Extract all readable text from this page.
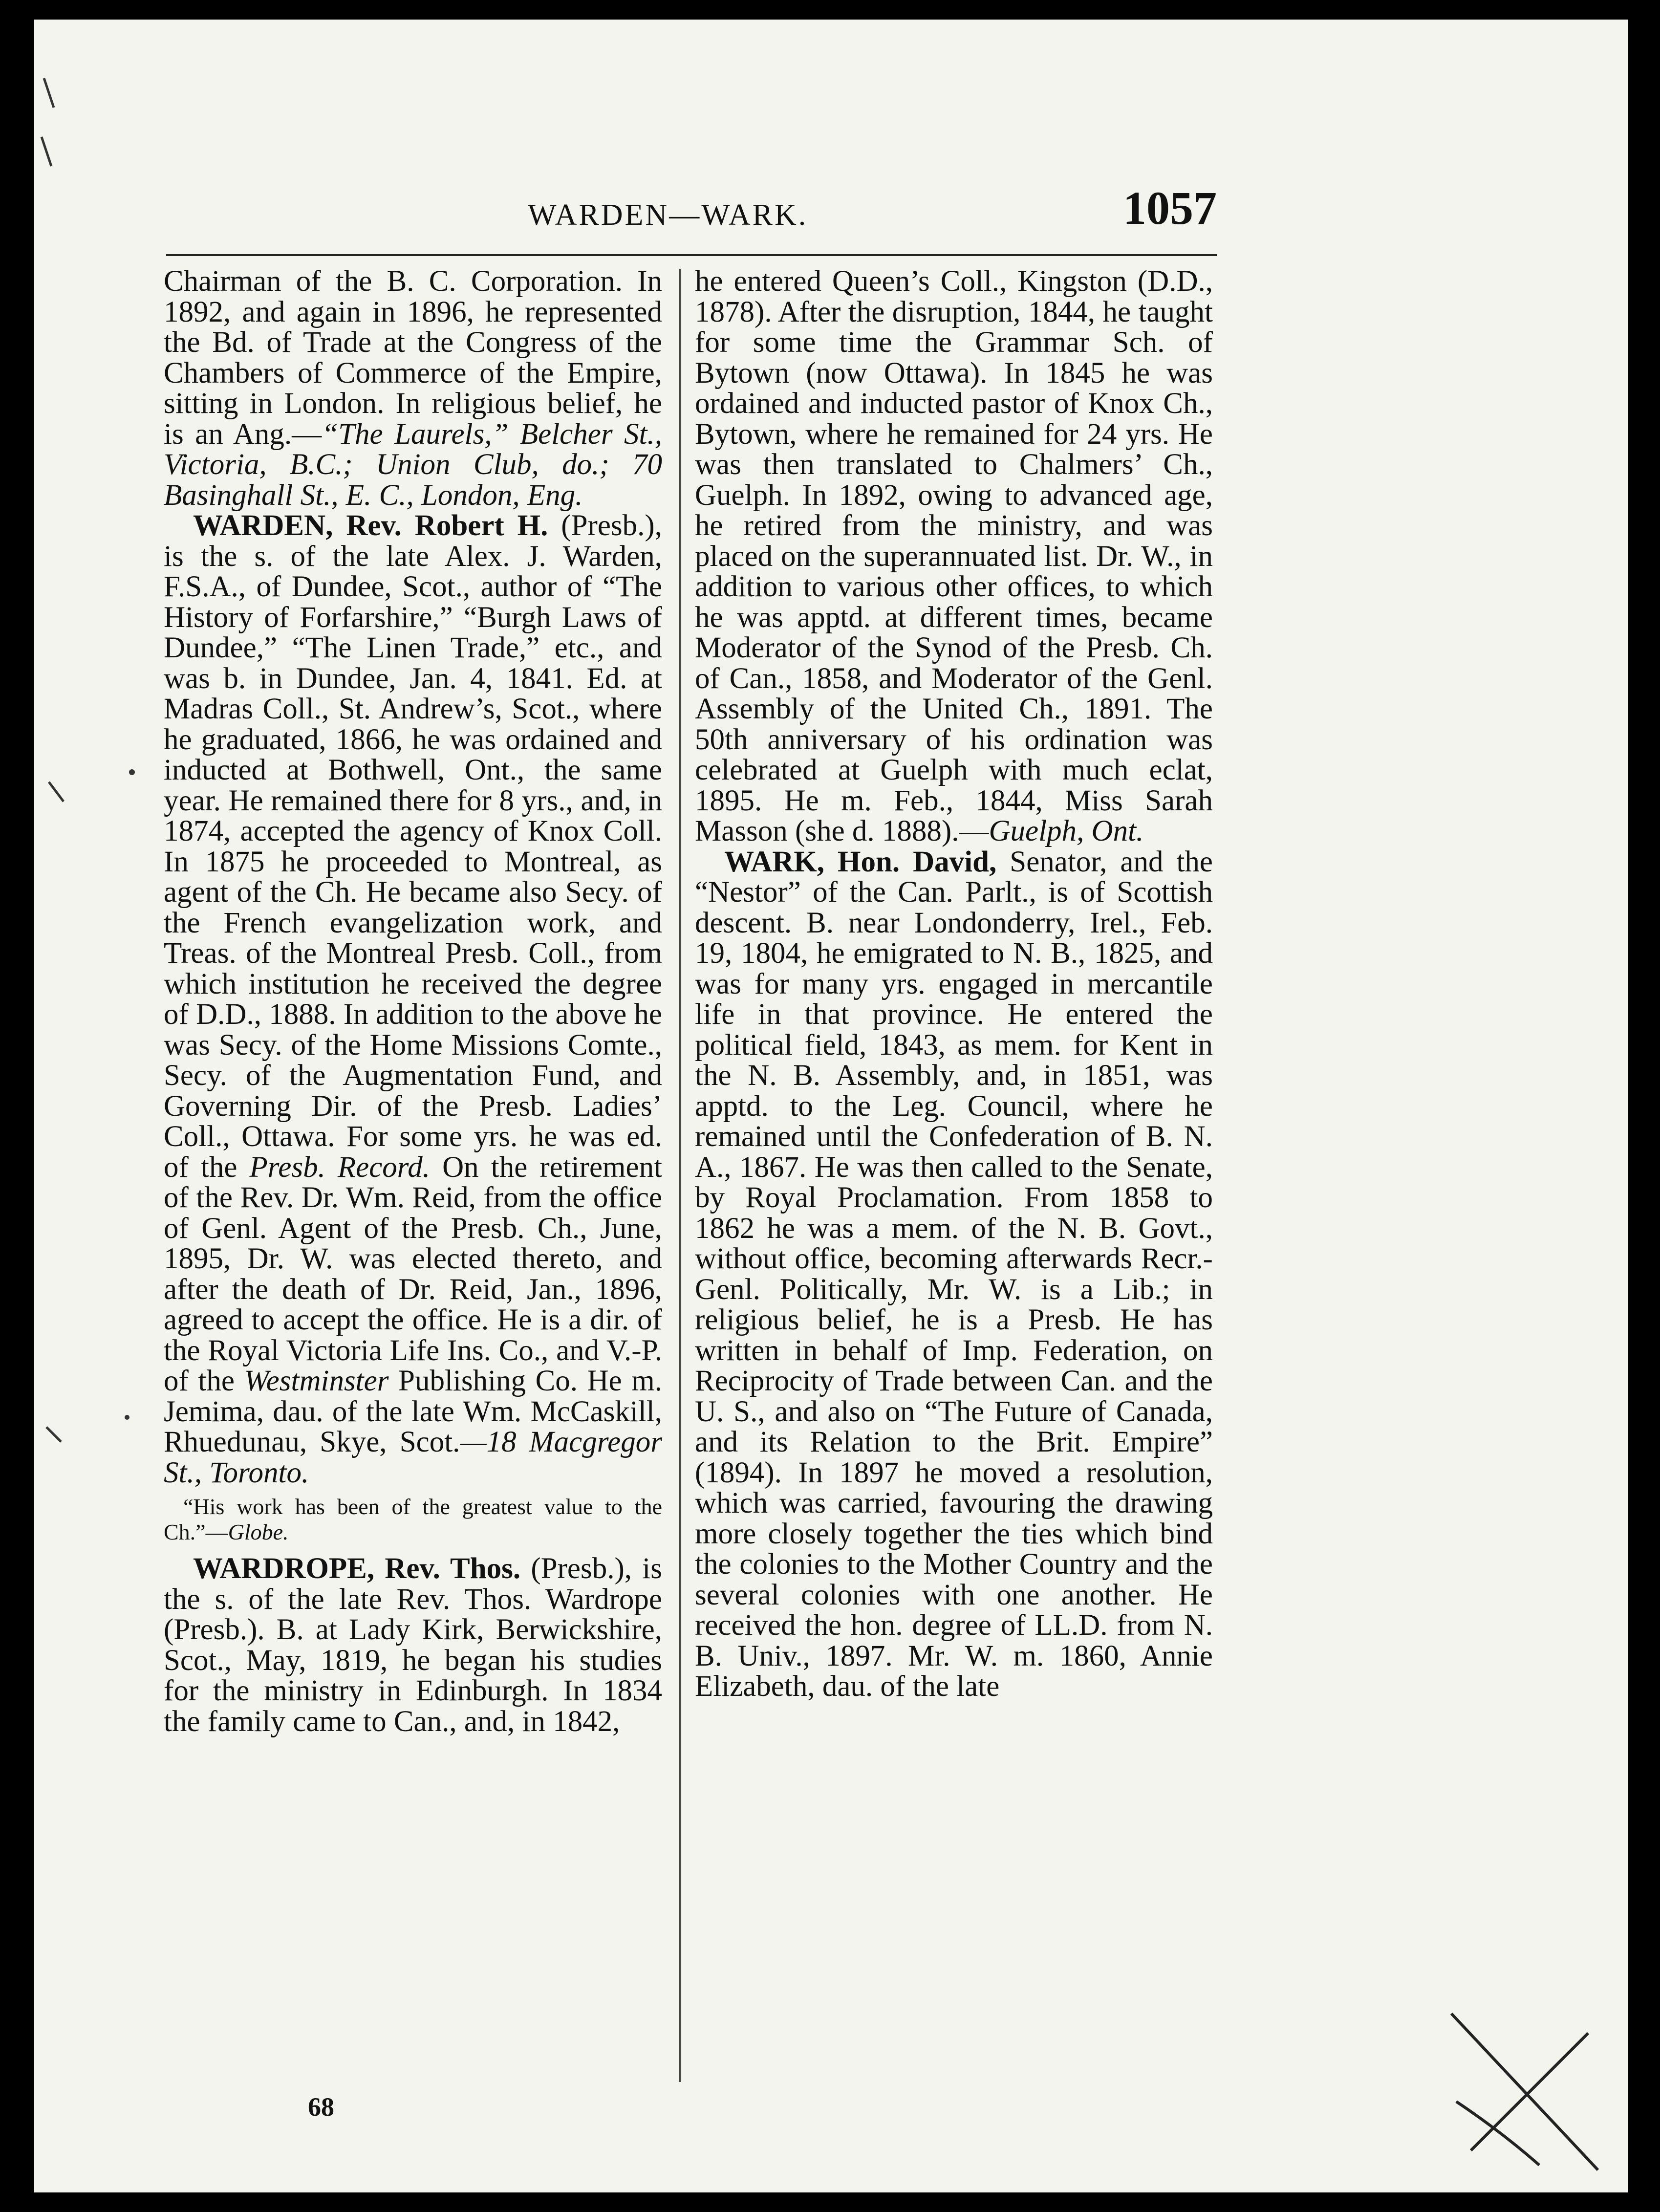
WARDEN—WARK.	1057

Chairman of the B. C. Corporation. In 1892, and again in 1896, he represented the Bd. of Trade at the Congress of the Chambers of Commerce of the Empire, sitting in London. In religious belief, he is an Ang.—“The Laurels,” Belcher St., Victoria, B.C.; Union Club, do.; 70 Basinghall St., E. C., London, Eng.

WARDEN, Rev. Robert H. (Presb.), is the s. of the late Alex. J. Warden, F.S.A., of Dundee, Scot., author of “The History of Forfarshire,” “Burgh Laws of Dundee,” “The Linen Trade,” etc., and was b. in Dundee, Jan. 4, 1841. Ed. at Madras Coll., St. Andrew’s, Scot., where he graduated, 1866, he was ordained and inducted at Bothwell, Ont., the same year. He remained there for 8 yrs., and, in 1874, accepted the agency of Knox Coll. In 1875 he proceeded to Montreal, as agent of the Ch. He became also Secy. of the French evangelization work, and Treas. of the Montreal Presb. Coll., from which institution he received the degree of D.D., 1888. In addition to the above he was Secy. of the Home Missions Comte., Secy. of the Augmentation Fund, and Governing Dir. of the Presb. Ladies’ Coll., Ottawa. For some yrs. he was ed. of the Presb. Record. On the retirement of the Rev. Dr. Wm. Reid, from the office of Genl. Agent of the Presb. Ch., June, 1895, Dr. W. was elected thereto, and after the death of Dr. Reid, Jan., 1896, agreed to accept the office. He is a dir. of the Royal Victoria Life Ins. Co., and V.-P. of the Westminster Publishing Co. He m. Jemima, dau. of the late Wm. McCaskill, Rhuedunau, Skye, Scot.—18 Macgregor St., Toronto.

“His work has been of the greatest value to the Ch.”—Globe.

WARDROPE, Rev. Thos. (Presb.), is the s. of the late Rev. Thos. Wardrope (Presb.). B. at Lady Kirk, Berwickshire, Scot., May, 1819, he began his studies for the ministry in Edinburgh. In 1834 the family came to Can., and, in 1842,

he entered Queen’s Coll., Kingston (D.D., 1878). After the disruption, 1844, he taught for some time the Grammar Sch. of Bytown (now Ottawa). In 1845 he was ordained and inducted pastor of Knox Ch., Bytown, where he remained for 24 yrs. He was then translated to Chalmers’ Ch., Guelph. In 1892, owing to advanced age, he retired from the ministry, and was placed on the superannuated list. Dr. W., in addition to various other offices, to which he was apptd. at different times, became Moderator of the Synod of the Presb. Ch. of Can., 1858, and Moderator of the Genl. Assembly of the United Ch., 1891. The 50th anniversary of his ordination was celebrated at Guelph with much eclat, 1895. He m. Feb., 1844, Miss Sarah Masson (she d. 1888).—Guelph, Ont.

WARK, Hon. David, Senator, and the “Nestor” of the Can. Parlt., is of Scottish descent. B. near Londonderry, Irel., Feb. 19, 1804, he emigrated to N. B., 1825, and was for many yrs. engaged in mercantile life in that province. He entered the political field, 1843, as mem. for Kent in the N. B. Assembly, and, in 1851, was apptd. to the Leg. Council, where he remained until the Confederation of B. N. A., 1867. He was then called to the Senate, by Royal Proclamation. From 1858 to 1862 he was a mem. of the N. B. Govt., without office, becoming afterwards Recr.-Genl. Politically, Mr. W. is a Lib.; in religious belief, he is a Presb. He has written in behalf of Imp. Federation, on Reciprocity of Trade between Can. and the U. S., and also on “The Future of Canada, and its Relation to the Brit. Empire” (1894). In 1897 he moved a resolution, which was carried, favouring the drawing more closely together the ties which bind the colonies to the Mother Country and the several colonies with one another. He received the hon. degree of LL.D. from N. B. Univ., 1897. Mr. W. m. 1860, Annie Elizabeth, dau. of the late

68
